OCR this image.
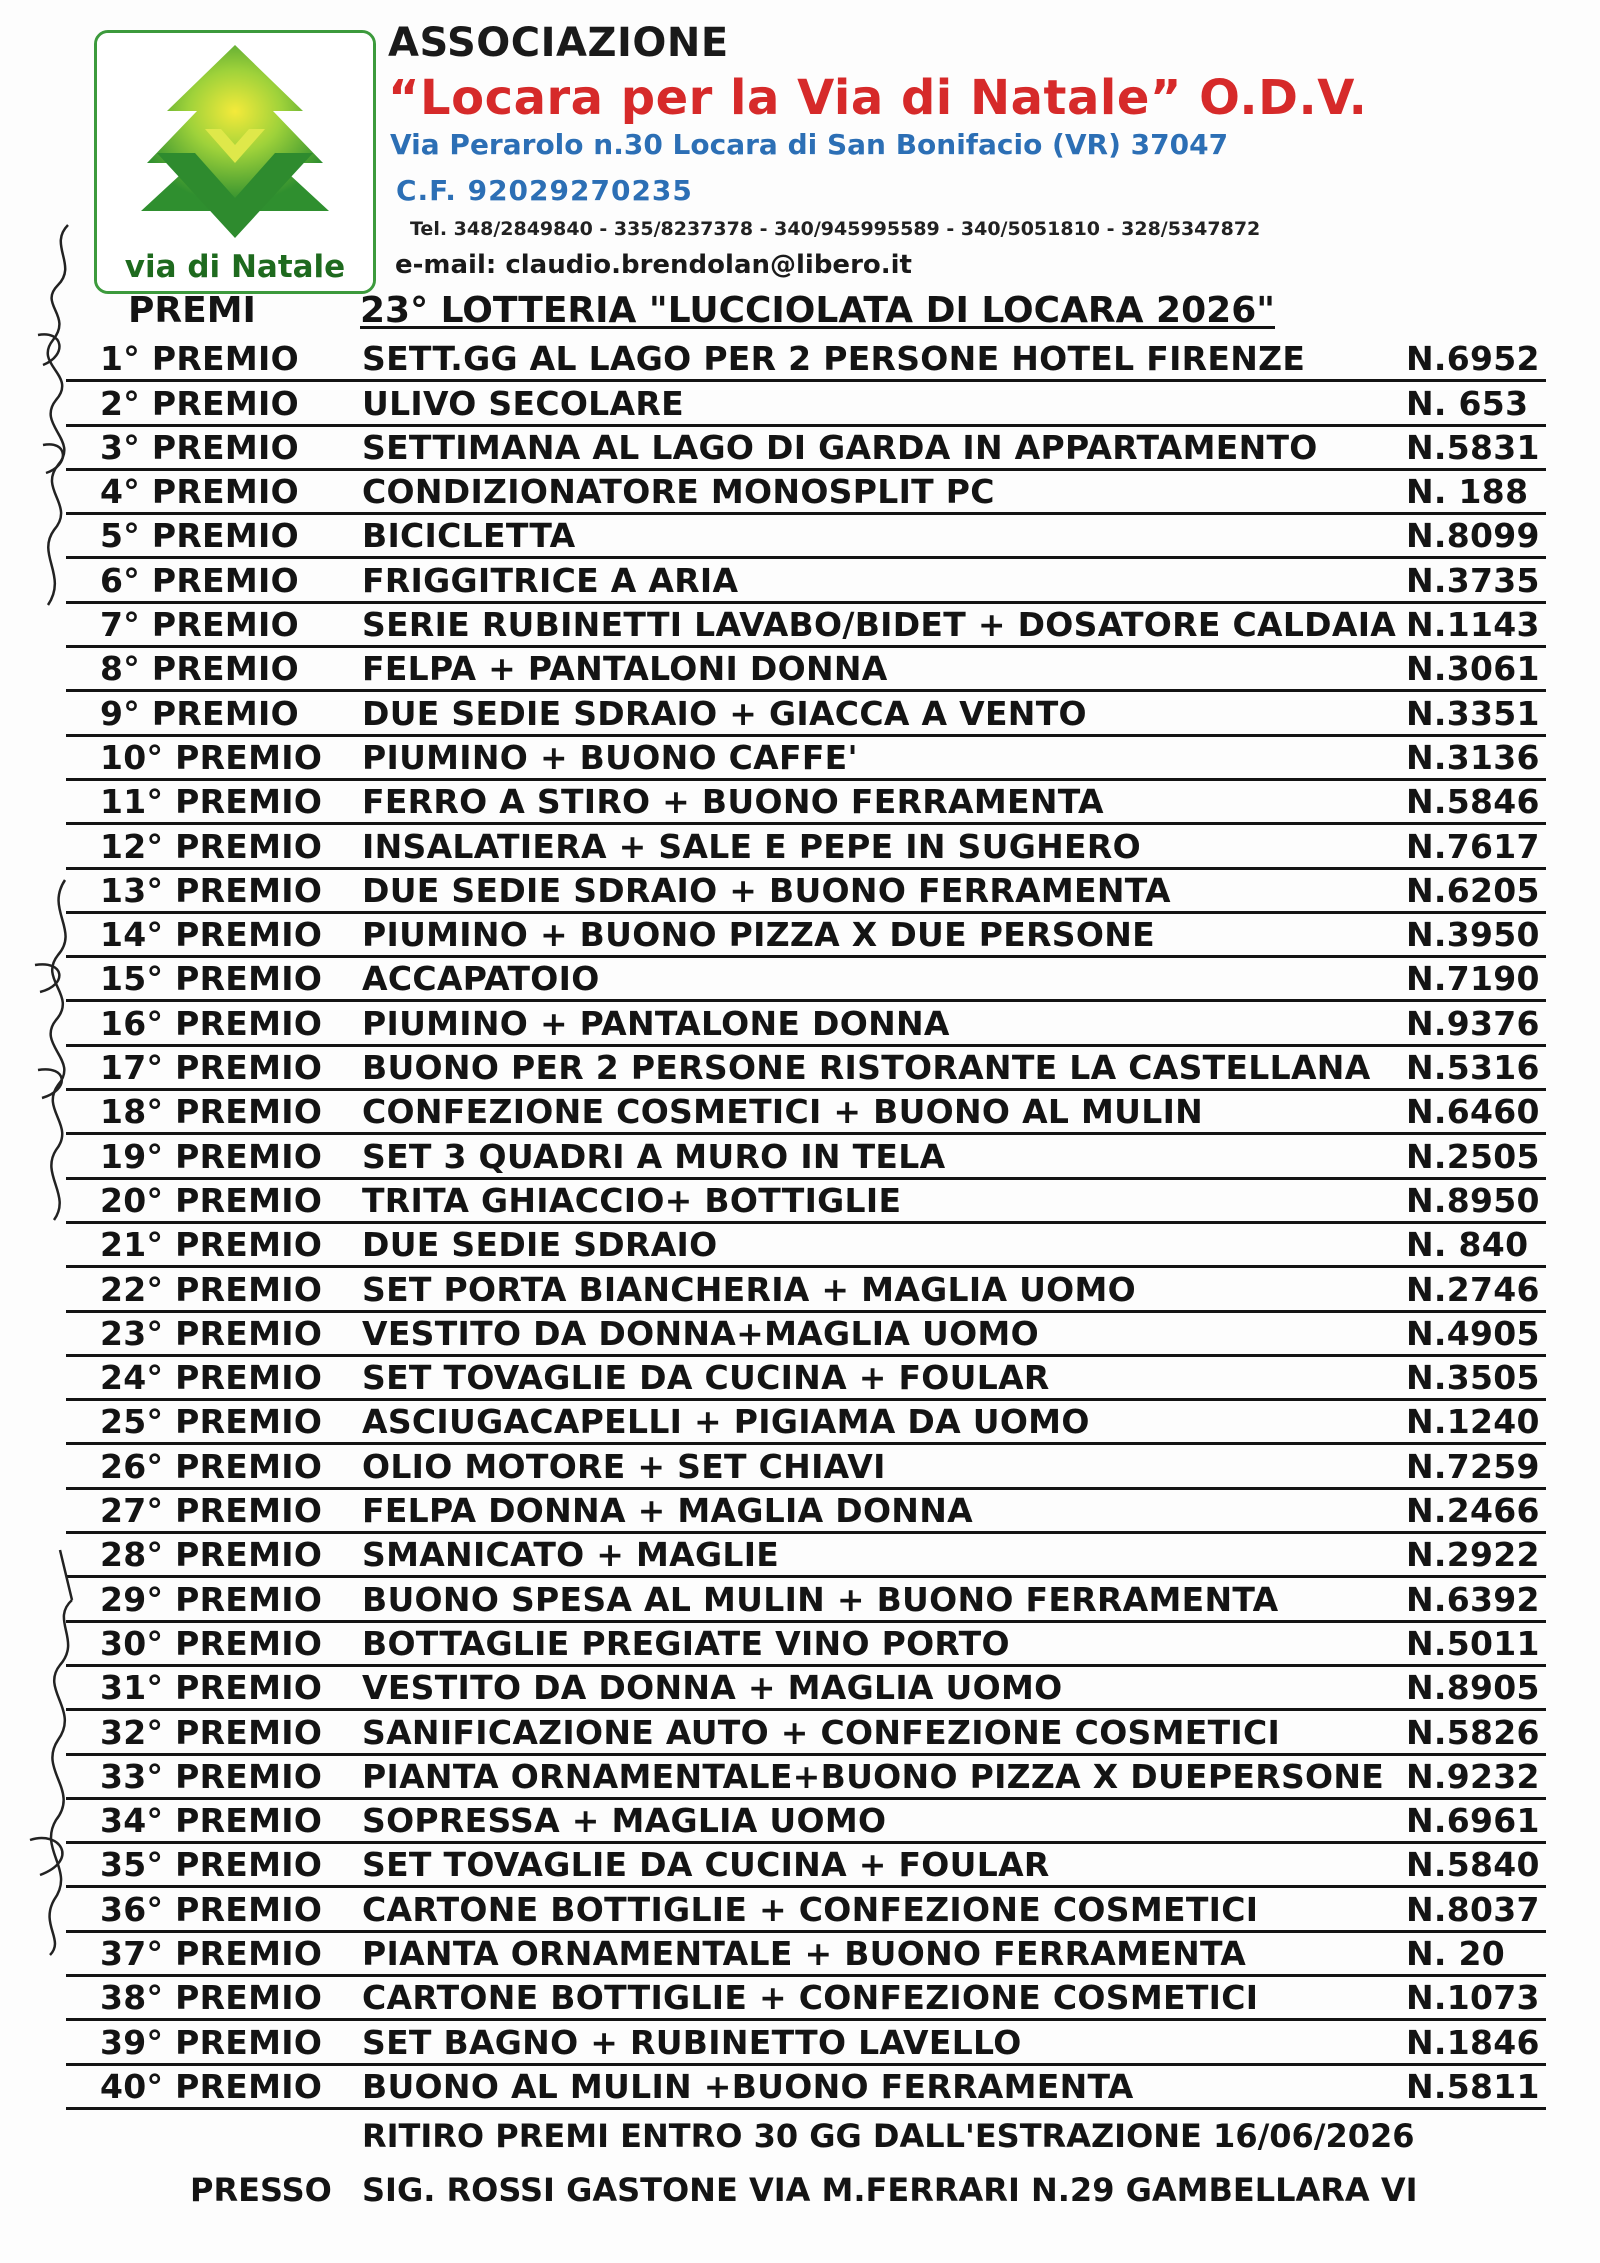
via di Natale
ASSOCIAZIONE
“Locara per la Via di Natale” O.D.V.
Via Perarolo n.30 Locara di San Bonifacio (VR) 37047
C.F. 92029270235
Tel. 348/2849840 - 335/8237378 - 340/945995589 - 340/5051810 - 328/5347872
e-mail: claudio.brendolan@libero.it
PREMI	23° LOTTERIA "LUCCIOLATA DI LOCARA 2026"
1° PREMIO SETT.GG AL LAGO PER 2 PERSONE HOTEL FIRENZE	N.6952
2° PREMIO ULIVO SECOLARE	N. 653
3° PREMIO SETTIMANA AL LAGO DI GARDA IN APPARTAMENTO	N.5831
4° PREMIO CONDIZIONATORE MONOSPLIT PC	N. 188
5° PREMIO BICICLETTA	N.8099
6° PREMIO FRIGGITRICE A ARIA	N.3735
7° PREMIO SERIE RUBINETTI LAVABO/BIDET + DOSATORE CALDAIA N.1143
8° PREMIO FELPA + PANTALONI DONNA	N.3061
9° PREMIO DUE SEDIE SDRAIO + GIACCA A VENTO	N.3351
10° PREMIO PIUMINO + BUONO CAFFE'	N.3136
11° PREMIO FERRO A STIRO + BUONO FERRAMENTA	N.5846
12° PREMIO INSALATIERA + SALE E PEPE IN SUGHERO	N.7617
13° PREMIO DUE SEDIE SDRAIO + BUONO FERRAMENTA	N.6205
14° PREMIO PIUMINO + BUONO PIZZA X DUE PERSONE	N.3950
15° PREMIO ACCAPATOIO	N.7190
16° PREMIO PIUMINO + PANTALONE DONNA	N.9376
17° PREMIO BUONO PER 2 PERSONE RISTORANTE LA CASTELLANA N.5316
18° PREMIO CONFEZIONE COSMETICI + BUONO AL MULIN	N.6460
19° PREMIO SET 3 QUADRI A MURO IN TELA	N.2505
20° PREMIO TRITA GHIACCIO+ BOTTIGLIE	N.8950
21° PREMIO DUE SEDIE SDRAIO	N. 840
22° PREMIO SET PORTA BIANCHERIA + MAGLIA UOMO	N.2746
23° PREMIO VESTITO DA DONNA+MAGLIA UOMO	N.4905
24° PREMIO SET TOVAGLIE DA CUCINA + FOULAR	N.3505
25° PREMIO ASCIUGACAPELLI + PIGIAMA DA UOMO	N.1240
26° PREMIO OLIO MOTORE + SET CHIAVI	N.7259
27° PREMIO FELPA DONNA + MAGLIA DONNA	N.2466
28° PREMIO SMANICATO + MAGLIE	N.2922
29° PREMIO BUONO SPESA AL MULIN + BUONO FERRAMENTA	N.6392
30° PREMIO BOTTAGLIE PREGIATE VINO PORTO	N.5011
31° PREMIO VESTITO DA DONNA + MAGLIA UOMO	N.8905
32° PREMIO SANIFICAZIONE AUTO + CONFEZIONE COSMETICI	N.5826
33° PREMIO PIANTA ORNAMENTALE+BUONO PIZZA X DUEPERSONE N.9232
34° PREMIO SOPRESSA + MAGLIA UOMO	N.6961
35° PREMIO SET TOVAGLIE DA CUCINA + FOULAR	N.5840
36° PREMIO CARTONE BOTTIGLIE + CONFEZIONE COSMETICI	N.8037
37° PREMIO PIANTA ORNAMENTALE + BUONO FERRAMENTA	N. 20
38° PREMIO CARTONE BOTTIGLIE + CONFEZIONE COSMETICI	N.1073
39° PREMIO SET BAGNO + RUBINETTO LAVELLO	N.1846
40° PREMIO BUONO AL MULIN +BUONO FERRAMENTA	N.5811
RITIRO PREMI ENTRO 30 GG DALL'ESTRAZIONE 16/06/2026
PRESSO SIG. ROSSI GASTONE VIA M.FERRARI N.29 GAMBELLARA VI
